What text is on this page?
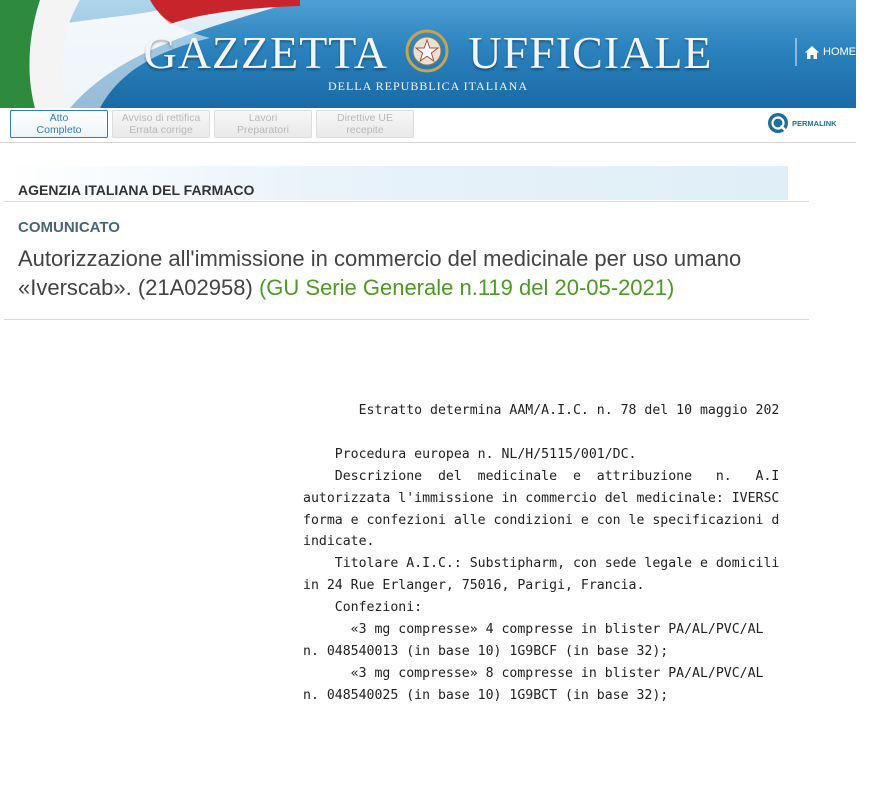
GAZZETTA UFFICIALE
DELLA REPUBBLICA ITALIANA
HOME
Atto
Completo
Avviso di rettifica
Errata corrige
Lavori
Preparatori
Direttive UE
recepite
PERMALINK
AGENZIA ITALIANA DEL FARMACO
COMUNICATO
Autorizzazione all'immissione in commercio del medicinale per uso umano
«Iverscab». (21A02958) (GU Serie Generale n.119 del 20-05-2021)
Estratto determina AAM/A.I.C. n. 78 del 10 maggio 202

Procedura europea n. NL/H/5115/001/DC.
Descrizione  del  medicinale  e  attribuzione   n.   A.I
autorizzata l'immissione in commercio del medicinale: IVERSC
forma e confezioni alle condizioni e con le specificazioni d
indicate.
Titolare A.I.C.: Substipharm, con sede legale e domicili
in 24 Rue Erlanger, 75016, Parigi, Francia.
Confezioni:
«3 mg compresse» 4 compresse in blister PA/AL/PVC/AL
n. 048540013 (in base 10) 1G9BCF (in base 32);
«3 mg compresse» 8 compresse in blister PA/AL/PVC/AL
n. 048540025 (in base 10) 1G9BCT (in base 32);
